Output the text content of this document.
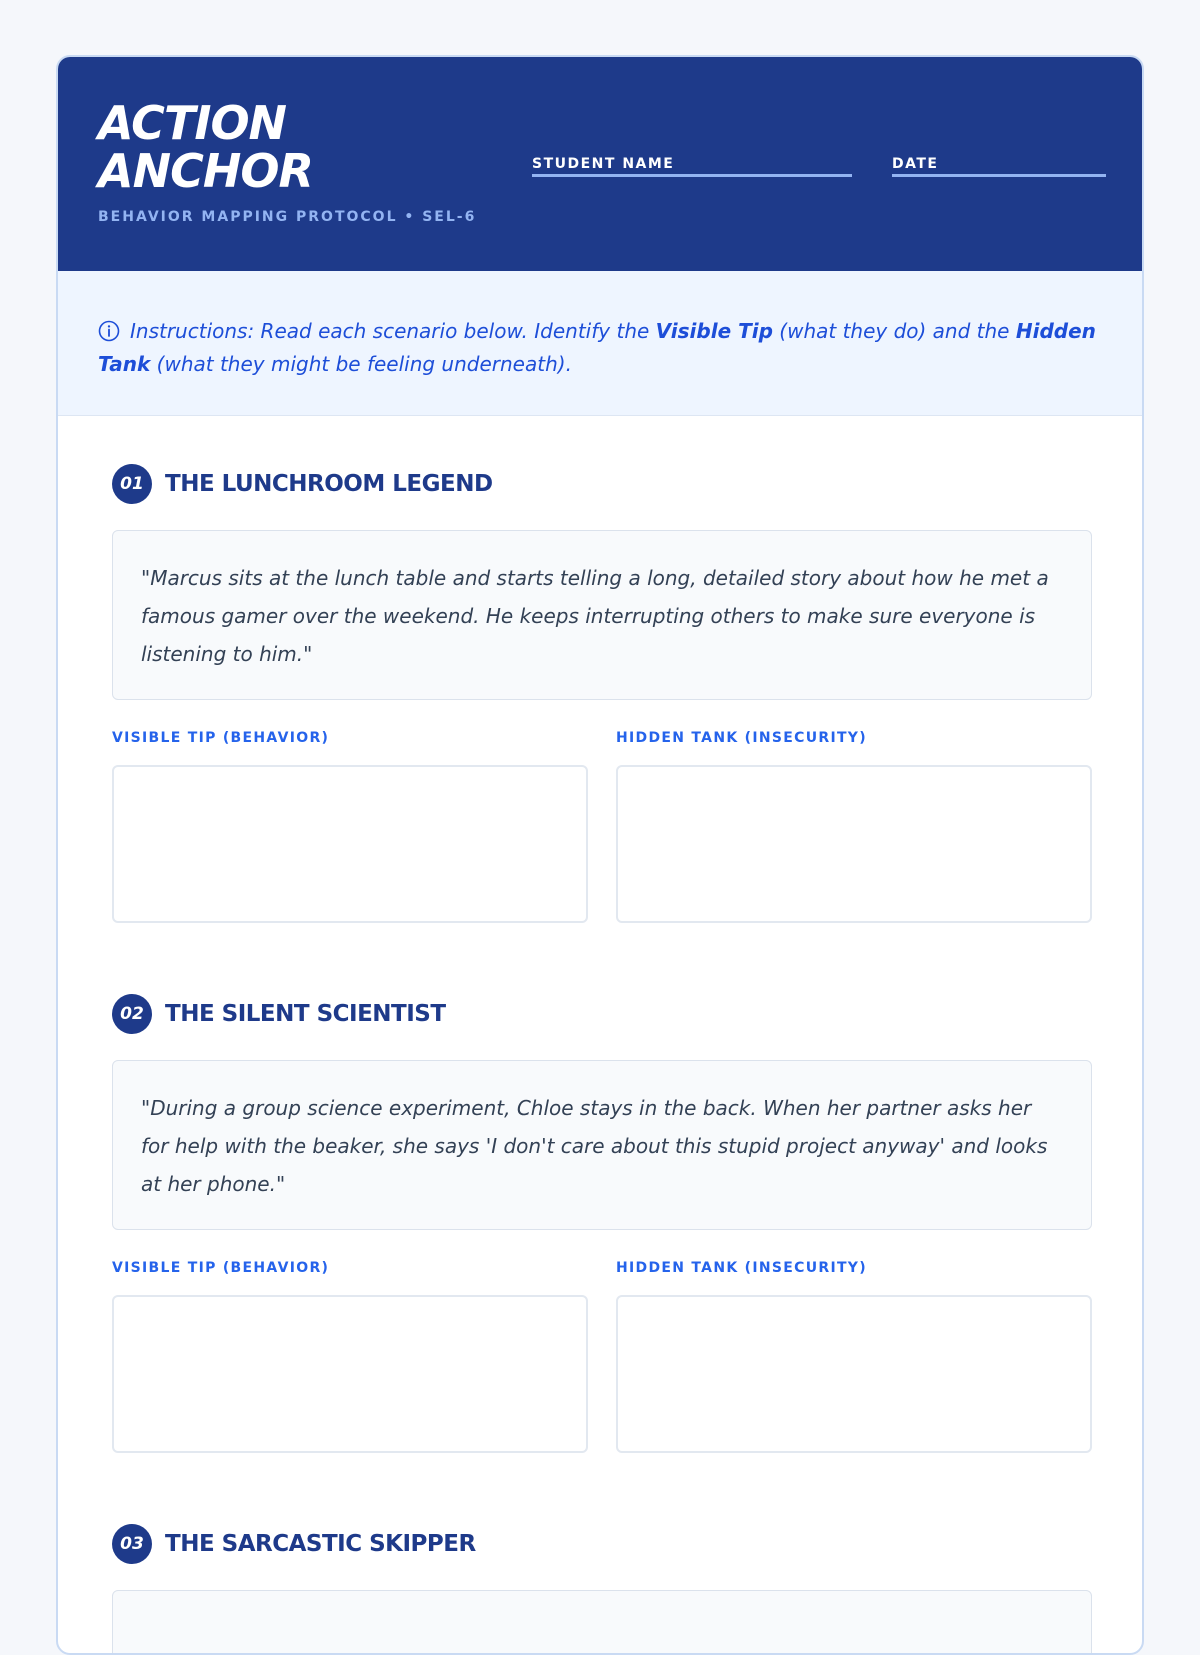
ACTION
ANCHOR
BEHAVIOR MAPPING PROTOCOL • SEL-6
STUDENT NAME	DATE
Instructions: Read each scenario below. Identify the Visible Tip (what they do) and the Hidden Tank (what they might be feeling underneath).
01 THE LUNCHROOM LEGEND
"Marcus sits at the lunch table and starts telling a long, detailed story about how he met a famous gamer over the weekend. He keeps interrupting others to make sure everyone is listening to him."
VISIBLE TIP (BEHAVIOR)	HIDDEN TANK (INSECURITY)
02 THE SILENT SCIENTIST
"During a group science experiment, Chloe stays in the back. When her partner asks her for help with the beaker, she says 'I don't care about this stupid project anyway' and looks at her phone."
VISIBLE TIP (BEHAVIOR)	HIDDEN TANK (INSECURITY)
03 THE SARCASTIC SKIPPER
